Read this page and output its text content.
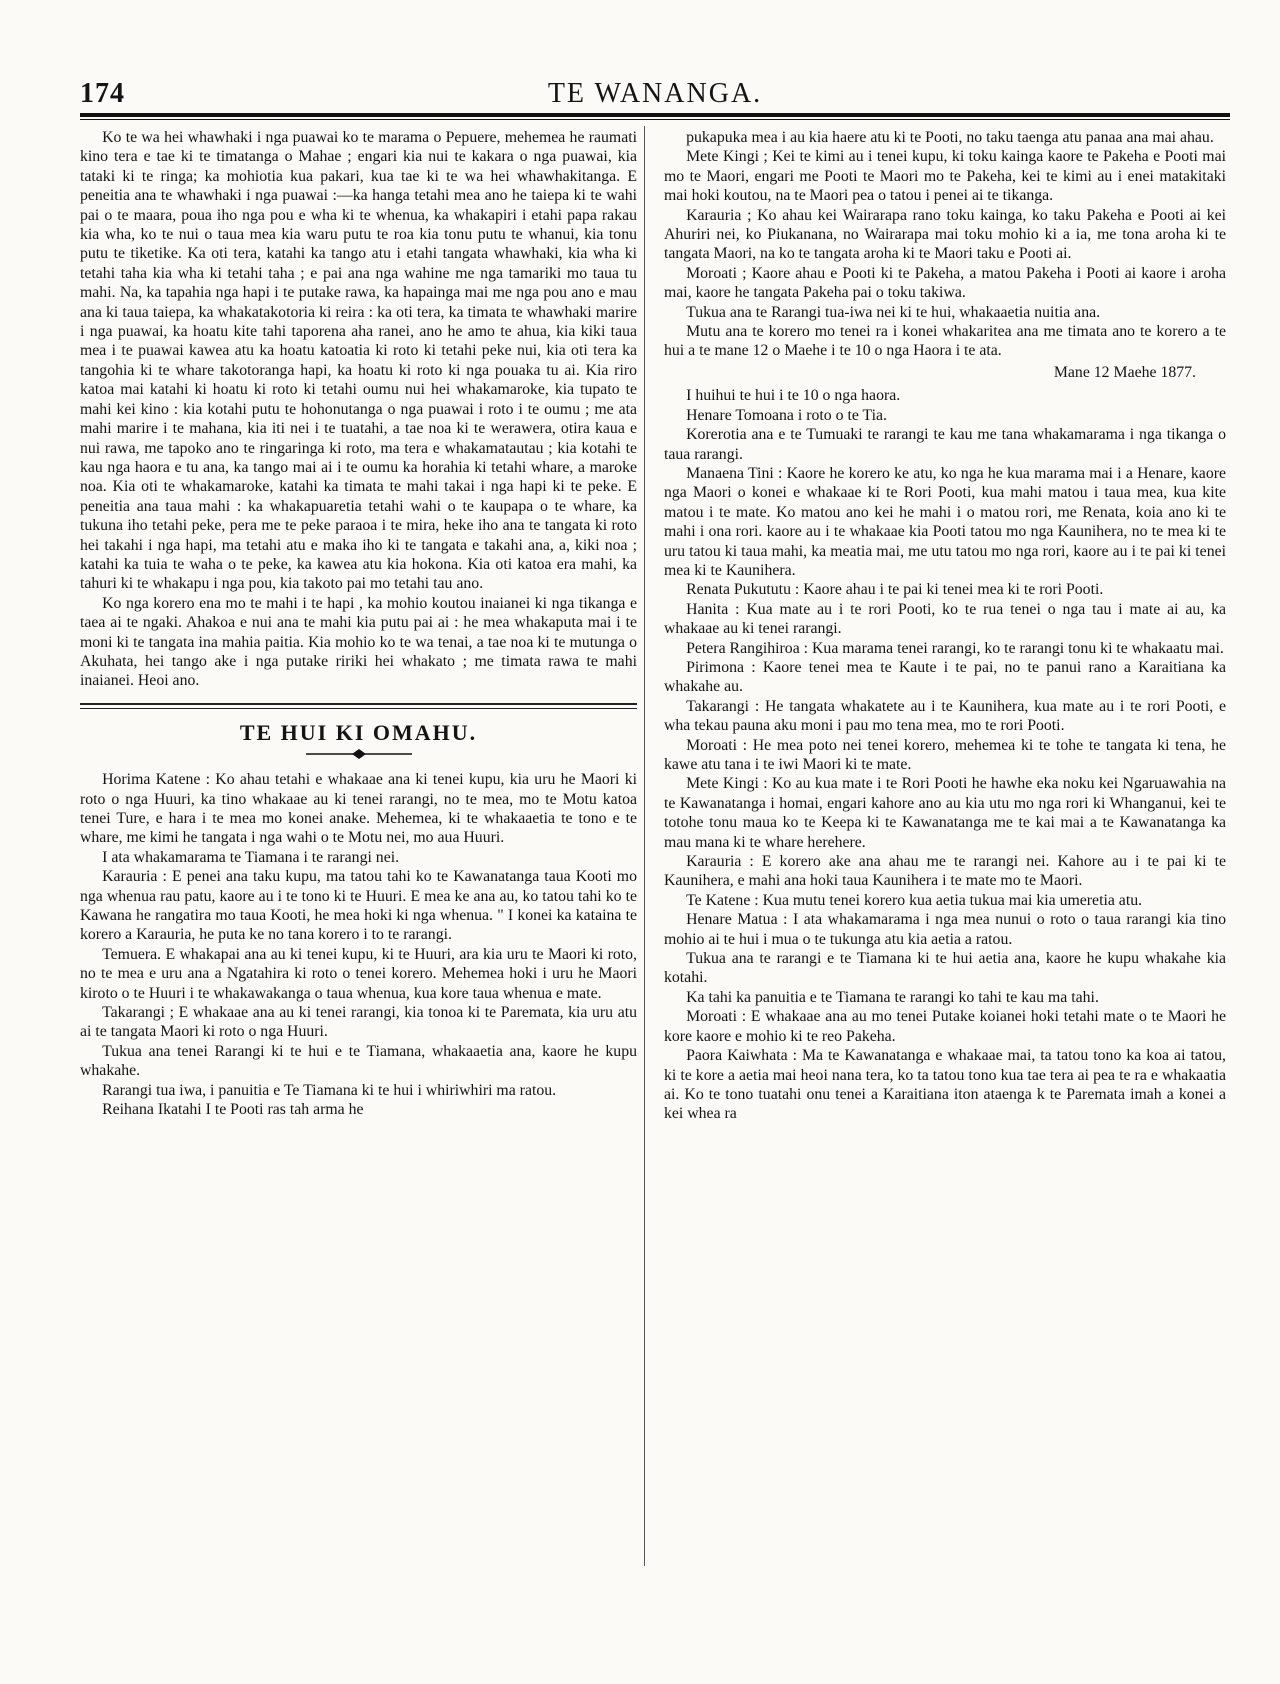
174	TE WANANGA.

Ko te wa hei whawhaki i nga puawai ko te marama o Pepuere, mehemea he raumati kino tera e tae ki te timatanga o Mahae ; engari kia nui te kakara o nga puawai, kia tataki ki te ringa; ka mohiotia kua pakari, kua tae ki te wa hei whawhakitanga. E peneitia ana te whawhaki i nga puawai :—ka hanga tetahi mea ano he taiepa ki te wahi pai o te maara, poua iho nga pou e wha ki te whenua, ka whakapiri i etahi papa rakau kia wha, ko te nui o taua mea kia waru putu te roa kia tonu putu te whanui, kia tonu putu te tiketike. Ka oti tera, katahi ka tango atu i etahi tangata whawhaki, kia wha ki tetahi taha kia wha ki tetahi taha ; e pai ana nga wahine me nga tamariki mo taua tu mahi. Na, ka tapahia nga hapi i te putake rawa, ka hapainga mai me nga pou ano e mau ana ki taua taiepa, ka whakatakotoria ki reira : ka oti tera, ka timata te whawhaki marire i nga puawai, ka hoatu kite tahi taporena aha ranei, ano he amo te ahua, kia kiki taua mea i te puawai kawea atu ka hoatu katoatia ki roto ki tetahi peke nui, kia oti tera ka tangohia ki te whare takotoranga hapi, ka hoatu ki roto ki nga pouaka tu ai. Kia riro katoa mai katahi ki hoatu ki roto ki tetahi oumu nui hei whakamaroke, kia tupato te mahi kei kino : kia kotahi putu te hohonutanga o nga puawai i roto i te oumu ; me ata mahi marire i te mahana, kia iti nei i te tuatahi, a tae noa ki te werawera, otira kaua e nui rawa, me tapoko ano te ringaringa ki roto, ma tera e whakamatautau ; kia kotahi te kau nga haora e tu ana, ka tango mai ai i te oumu ka horahia ki tetahi whare, a maroke noa. Kia oti te whakamaroke, katahi ka timata te mahi takai i nga hapi ki te peke. E peneitia ana taua mahi : ka whakapuaretia tetahi wahi o te kaupapa o te whare, ka tukuna iho tetahi peke, pera me te peke paraoa i te mira, heke iho ana te tangata ki roto hei takahi i nga hapi, ma tetahi atu e maka iho ki te tangata e takahi ana, a, kiki noa ; katahi ka tuia te waha o te peke, ka kawea atu kia hokona. Kia oti katoa era mahi, ka tahuri ki te whakapu i nga pou, kia takoto pai mo tetahi tau ano.

Ko nga korero ena mo te mahi i te hapi , ka mohio koutou inaianei ki nga tikanga e taea ai te ngaki. Ahakoa e nui ana te mahi kia putu pai ai : he mea whakaputa mai i te moni ki te tangata ina mahia paitia. Kia mohio ko te wa tenai, a tae noa ki te mutunga o Akuhata, hei tango ake i nga putake ririki hei whakato ; me timata rawa te mahi inaianei. Heoi ano.

TE HUI KI OMAHU.

Horima Katene : Ko ahau tetahi e whakaae ana ki tenei kupu, kia uru he Maori ki roto o nga Huuri, ka tino whakaae au ki tenei rarangi, no te mea, mo te Motu katoa tenei Ture, e hara i te mea mo konei anake. Mehemea, ki te whakaaetia te tono e te whare, me kimi he tangata i nga wahi o te Motu nei, mo aua Huuri.

I ata whakamarama te Tiamana i te rarangi nei.

Karauria : E penei ana taku kupu, ma tatou tahi ko te Kawanatanga taua Kooti mo nga whenua rau patu, kaore au i te tono ki te Huuri. E mea ke ana au, ko tatou tahi ko te Kawana he rangatira mo taua Kooti, he mea hoki ki nga whenua. " I konei ka kataina te korero a Karauria, he puta ke no tana korero i to te rarangi.

Temuera. E whakapai ana au ki tenei kupu, ki te Huuri, ara kia uru te Maori ki roto, no te mea e uru ana a Ngatahira ki roto o tenei korero. Mehemea hoki i uru he Maori kiroto o te Huuri i te whakawakanga o taua whenua, kua kore taua whenua e mate.

Takarangi ; E whakaae ana au ki tenei rarangi, kia tonoa ki te Paremata, kia uru atu ai te tangata Maori ki roto o nga Huuri.

Tukua ana tenei Rarangi ki te hui e te Tiamana, whakaaetia ana, kaore he kupu whakahe.

Rarangi tua iwa, i panuitia e Te Tiamana ki te hui i whiriwhiri ma ratou.

Reihana Ikatahi I te Pooti ras tah arma he

pukapuka mea i au kia haere atu ki te Pooti, no taku taenga atu panaa ana mai ahau.

Mete Kingi ; Kei te kimi au i tenei kupu, ki toku kainga kaore te Pakeha e Pooti mai mo te Maori, engari me Pooti te Maori mo te Pakeha, kei te kimi au i enei matakitaki mai hoki koutou, na te Maori pea o tatou i penei ai te tikanga.

Karauria ; Ko ahau kei Wairarapa rano toku kainga, ko taku Pakeha e Pooti ai kei Ahuriri nei, ko Piukanana, no Wairarapa mai toku mohio ki a ia, me tona aroha ki te tangata Maori, na ko te tangata aroha ki te Maori taku e Pooti ai.

Moroati ; Kaore ahau e Pooti ki te Pakeha, a matou Pakeha i Pooti ai kaore i aroha mai, kaore he tangata Pakeha pai o toku takiwa.

Tukua ana te Rarangi tua-iwa nei ki te hui, whakaaetia nuitia ana.

Mutu ana te korero mo tenei ra i konei whakaritea ana me timata ano te korero a te hui a te mane 12 o Maehe i te 10 o nga Haora i te ata.

Mane 12 Maehe 1877.

I huihui te hui i te 10 o nga haora.

Henare Tomoana i roto o te Tia.

Korerotia ana e te Tumuaki te rarangi te kau me tana whakamarama i nga tikanga o taua rarangi.

Manaena Tini : Kaore he korero ke atu, ko nga he kua marama mai i a Henare, kaore nga Maori o konei e whakaae ki te Rori Pooti, kua mahi matou i taua mea, kua kite matou i te mate. Ko matou ano kei he mahi i o matou rori, me Renata, koia ano ki te mahi i ona rori. kaore au i te whakaae kia Pooti tatou mo nga Kaunihera, no te mea ki te uru tatou ki taua mahi, ka meatia mai, me utu tatou mo nga rori, kaore au i te pai ki tenei mea ki te Kaunihera.

Renata Pukututu : Kaore ahau i te pai ki tenei mea ki te rori Pooti.

Hanita : Kua mate au i te rori Pooti, ko te rua tenei o nga tau i mate ai au, ka whakaae au ki tenei rarangi.

Petera Rangihiroa : Kua marama tenei rarangi, ko te rarangi tonu ki te whakaatu mai.

Pirimona : Kaore tenei mea te Kaute i te pai, no te panui rano a Karaitiana ka whakahe au.

Takarangi : He tangata whakatete au i te Kaunihera, kua mate au i te rori Pooti, e wha tekau pauna aku moni i pau mo tena mea, mo te rori Pooti.

Moroati : He mea poto nei tenei korero, mehemea ki te tohe te tangata ki tena, he kawe atu tana i te iwi Maori ki te mate.

Mete Kingi : Ko au kua mate i te Rori Pooti he hawhe eka noku kei Ngaruawahia na te Kawanatanga i homai, engari kahore ano au kia utu mo nga rori ki Whanganui, kei te totohe tonu maua ko te Keepa ki te Kawanatanga me te kai mai a te Kawanatanga ka mau mana ki te whare herehere.

Karauria : E korero ake ana ahau me te rarangi nei. Kahore au i te pai ki te Kaunihera, e mahi ana hoki taua Kaunihera i te mate mo te Maori.

Te Katene : Kua mutu tenei korero kua aetia tukua mai kia umeretia atu.

Henare Matua : I ata whakamarama i nga mea nunui o roto o taua rarangi kia tino mohio ai te hui i mua o te tukunga atu kia aetia a ratou.

Tukua ana te rarangi e te Tiamana ki te hui aetia ana, kaore he kupu whakahe kia kotahi.

Ka tahi ka panuitia e te Tiamana te rarangi ko tahi te kau ma tahi.

Moroati : E whakaae ana au mo tenei Putake koianei hoki tetahi mate o te Maori he kore kaore e mohio ki te reo Pakeha.

Paora Kaiwhata : Ma te Kawanatanga e whakaae mai, ta tatou tono ka koa ai tatou, ki te kore a aetia mai heoi nana tera, ko ta tatou tono kua tae tera ai pea te ra e whakaatia ai. Ko te tono tuatahi onu tenei a Karaitiana iton ataenga k te Paremata imah a konei a kei whea ra
